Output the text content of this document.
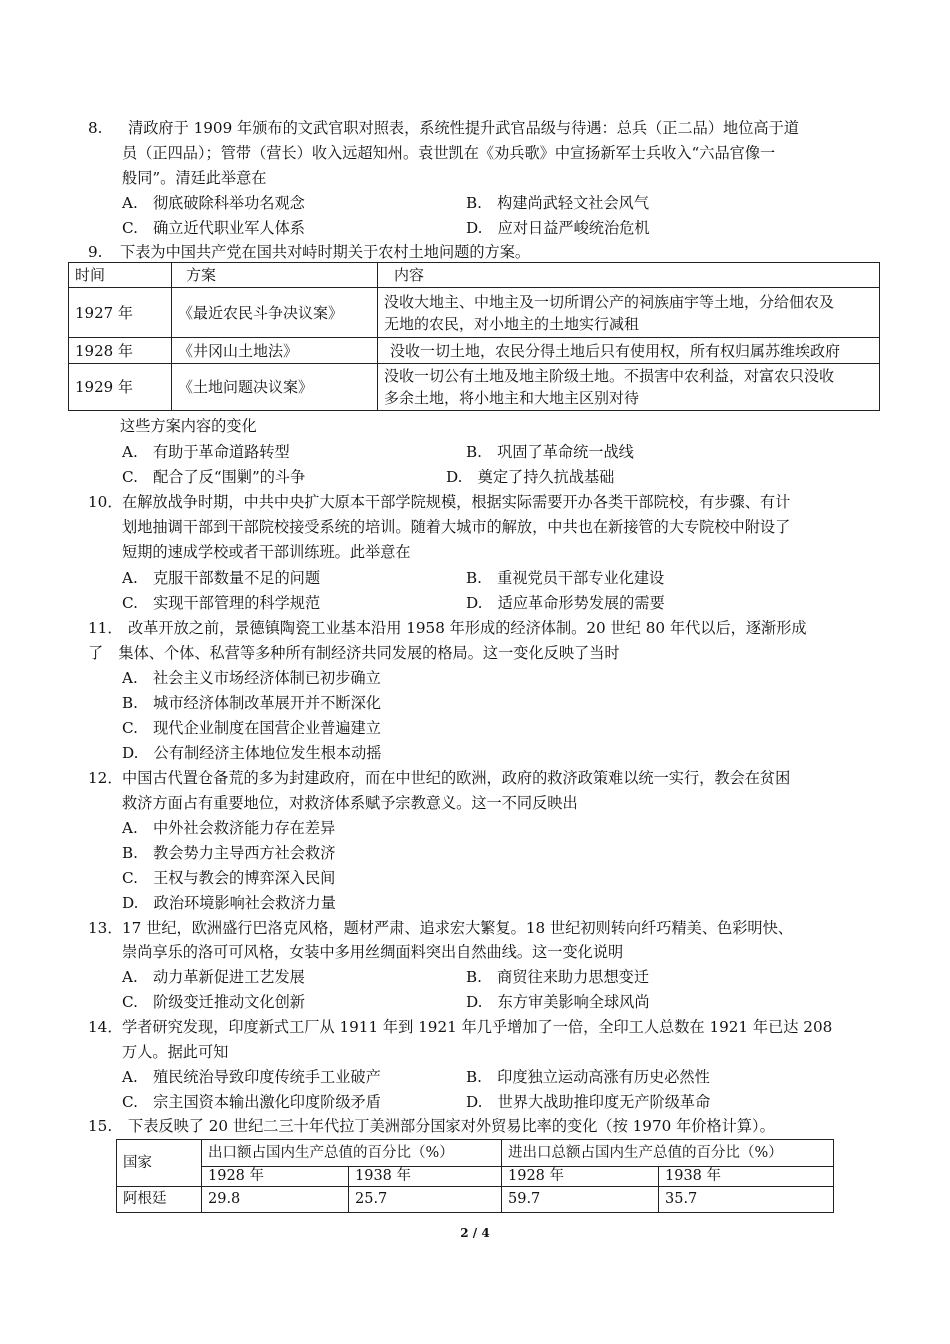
8. 清政府于 1909 年颁布的文武官职对照表，系统性提升武官品级与待遇：总兵（正二品）地位高于道
员（正四品）；管带（营长）收入远超知州。袁世凯在《劝兵歌》中宣扬新军士兵收入“六品官像一
般同”。清廷此举意在
A.　彻底破除科举功名观念	B.　构建尚武轻文社会风气
C.　确立近代职业军人体系	D.　应对日益严峻统治危机
9. 下表为中国共产党在国共对峙时期关于农村土地问题的方案。
时间	方案	内容
1927 年	《最近农民斗争决议案》	没收大地主、中地主及一切所谓公产的祠族庙宇等土地，分给佃农及
无地的农民，对小地主的土地实行减租

1928 年	《井冈山土地法》	没收一切土地，农民分得土地后只有使用权，所有权归属苏维埃政府

1929 年	《土地问题决议案》	没收一切公有土地及地主阶级土地。不损害中农利益，对富农只没收
多余土地，将小地主和大地主区别对待
这些方案内容的变化
A.　有助于革命道路转型	B.　巩固了革命统一战线
C.　配合了反“围剿”的斗争	D.　奠定了持久抗战基础
10． 在解放战争时期，中共中央扩大原本干部学院规模，根据实际需要开办各类干部院校，有步骤、有计
划地抽调干部到干部院校接受系统的培训。随着大城市的解放，中共也在新接管的大专院校中附设了
短期的速成学校或者干部训练班。此举意在
A.　克服干部数量不足的问题	B.　重视党员干部专业化建设
C.　实现干部管理的科学规范	D.　适应革命形势发展的需要
11． 改革开放之前，景德镇陶瓷工业基本沿用 1958 年形成的经济体制。20 世纪 80 年代以后，逐渐形成
了　集体、个体、私营等多种所有制经济共同发展的格局。这一变化反映了当时
A.　社会主义市场经济体制已初步确立
B.　城市经济体制改革展开并不断深化
C.　现代企业制度在国营企业普遍建立
D.　公有制经济主体地位发生根本动摇
12． 中国古代置仓备荒的多为封建政府，而在中世纪的欧洲，政府的救济政策难以统一实行，教会在贫困
救济方面占有重要地位，对救济体系赋予宗教意义。这一不同反映出
A.　中外社会救济能力存在差异
B.　教会势力主导西方社会救济
C.　王权与教会的博弈深入民间
D.　政治环境影响社会救济力量
13． 17 世纪，欧洲盛行巴洛克风格，题材严肃、追求宏大繁复。18 世纪初则转向纤巧精美、色彩明快、
崇尚享乐的洛可可风格，女装中多用丝绸面料突出自然曲线。这一变化说明
A.　动力革新促进工艺发展	B.　商贸往来助力思想变迁
C.　阶级变迁推动文化创新	D.　东方审美影响全球风尚
14． 学者研究发现，印度新式工厂从 1911 年到 1921 年几乎增加了一倍，全印工人总数在 1921 年已达 208
万人。据此可知
A.　殖民统治导致印度传统手工业破产	B.　印度独立运动高涨有历史必然性
C.　宗主国资本输出激化印度阶级矛盾	D.　世界大战助推印度无产阶级革命
15. 下表反映了 20 世纪二三十年代拉丁美洲部分国家对外贸易比率的变化（按 1970 年价格计算）。
国家	出口额占国内生产总值的百分比（%）		进出口总额占国内生产总值的百分比（%）	
	1928 年	1938 年	1928 年	1938 年
阿根廷	29.8	25.7	59.7	35.7
2 / 4
